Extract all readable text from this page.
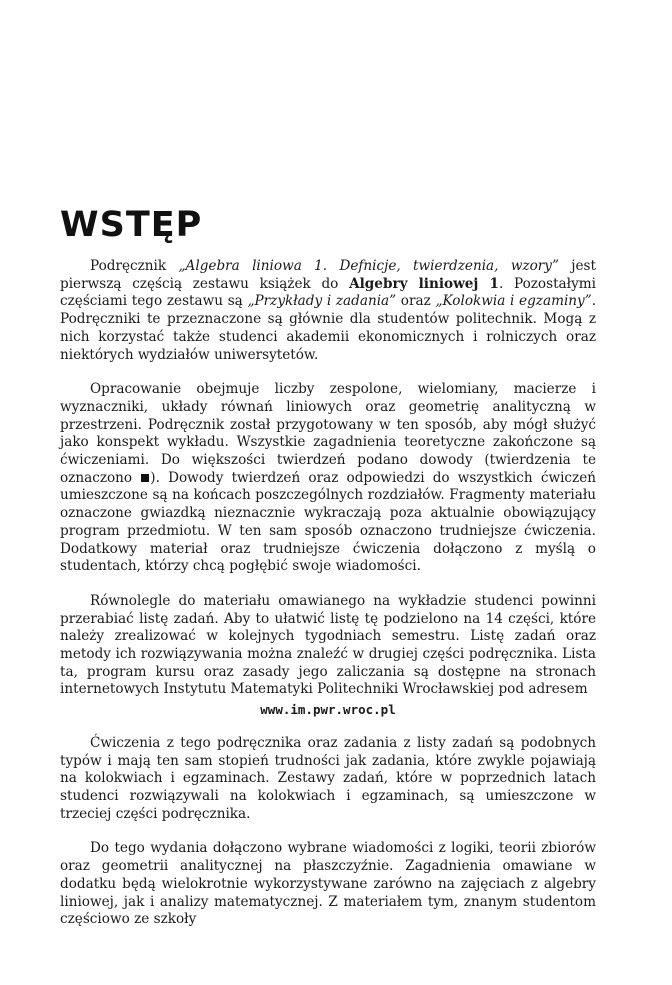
WSTĘP

Podręcznik „Algebra liniowa 1. Defnicje, twierdzenia, wzory” jest pierwszą częścią zestawu książek do Algebry liniowej 1. Pozostałymi częściami tego zestawu są „Przykłady i zadania” oraz „Kolokwia i egzaminy”. Podręczniki te przeznaczone są głównie dla studentów politechnik. Mogą z nich korzystać także studenci akademii ekonomicznych i rolniczych oraz niektórych wydziałów uniwersytetów.

Opracowanie obejmuje liczby zespolone, wielomiany, macierze i wyznaczniki, układy równań liniowych oraz geometrię analityczną w przestrzeni. Podręcznik został przygotowany w ten sposób, aby mógł służyć jako konspekt wykładu. Wszystkie zagadnienia teoretyczne zakończone są ćwiczeniami. Do większości twierdzeń podano dowody (twierdzenia te oznaczono ). Dowody twierdzeń oraz odpowiedzi do wszystkich ćwiczeń umieszczone są na końcach poszczególnych rozdziałów. Fragmenty materiału oznaczone gwiazdką nieznacznie wykraczają poza aktualnie obowiązujący program przedmiotu. W ten sam sposób oznaczono trudniejsze ćwiczenia. Dodatkowy materiał oraz trudniejsze ćwiczenia dołączono z myślą o studentach, którzy chcą pogłębić swoje wiadomości.

Równolegle do materiału omawianego na wykładzie studenci powinni przerabiać listę zadań. Aby to ułatwić listę tę podzielono na 14 części, które należy zrealizować w kolejnych tygodniach semestru. Listę zadań oraz metody ich rozwiązywania można znaleźć w drugiej części podręcznika. Lista ta, program kursu oraz zasady jego zaliczania są dostępne na stronach internetowych Instytutu Matematyki Politechniki Wrocławskiej pod adresem

www.im.pwr.wroc.pl

Ćwiczenia z tego podręcznika oraz zadania z listy zadań są podobnych typów i mają ten sam stopień trudności jak zadania, które zwykle pojawiają na kolokwiach i egzaminach. Zestawy zadań, które w poprzednich latach studenci rozwiązywali na kolokwiach i egzaminach, są umieszczone w trzeciej części podręcznika.

Do tego wydania dołączono wybrane wiadomości z logiki, teorii zbiorów oraz geometrii analitycznej na płaszczyźnie. Zagadnienia omawiane w dodatku będą wielokrotnie wykorzystywane zarówno na zajęciach z algebry liniowej, jak i analizy matematycznej. Z materiałem tym, znanym studentom częściowo ze szkoły
